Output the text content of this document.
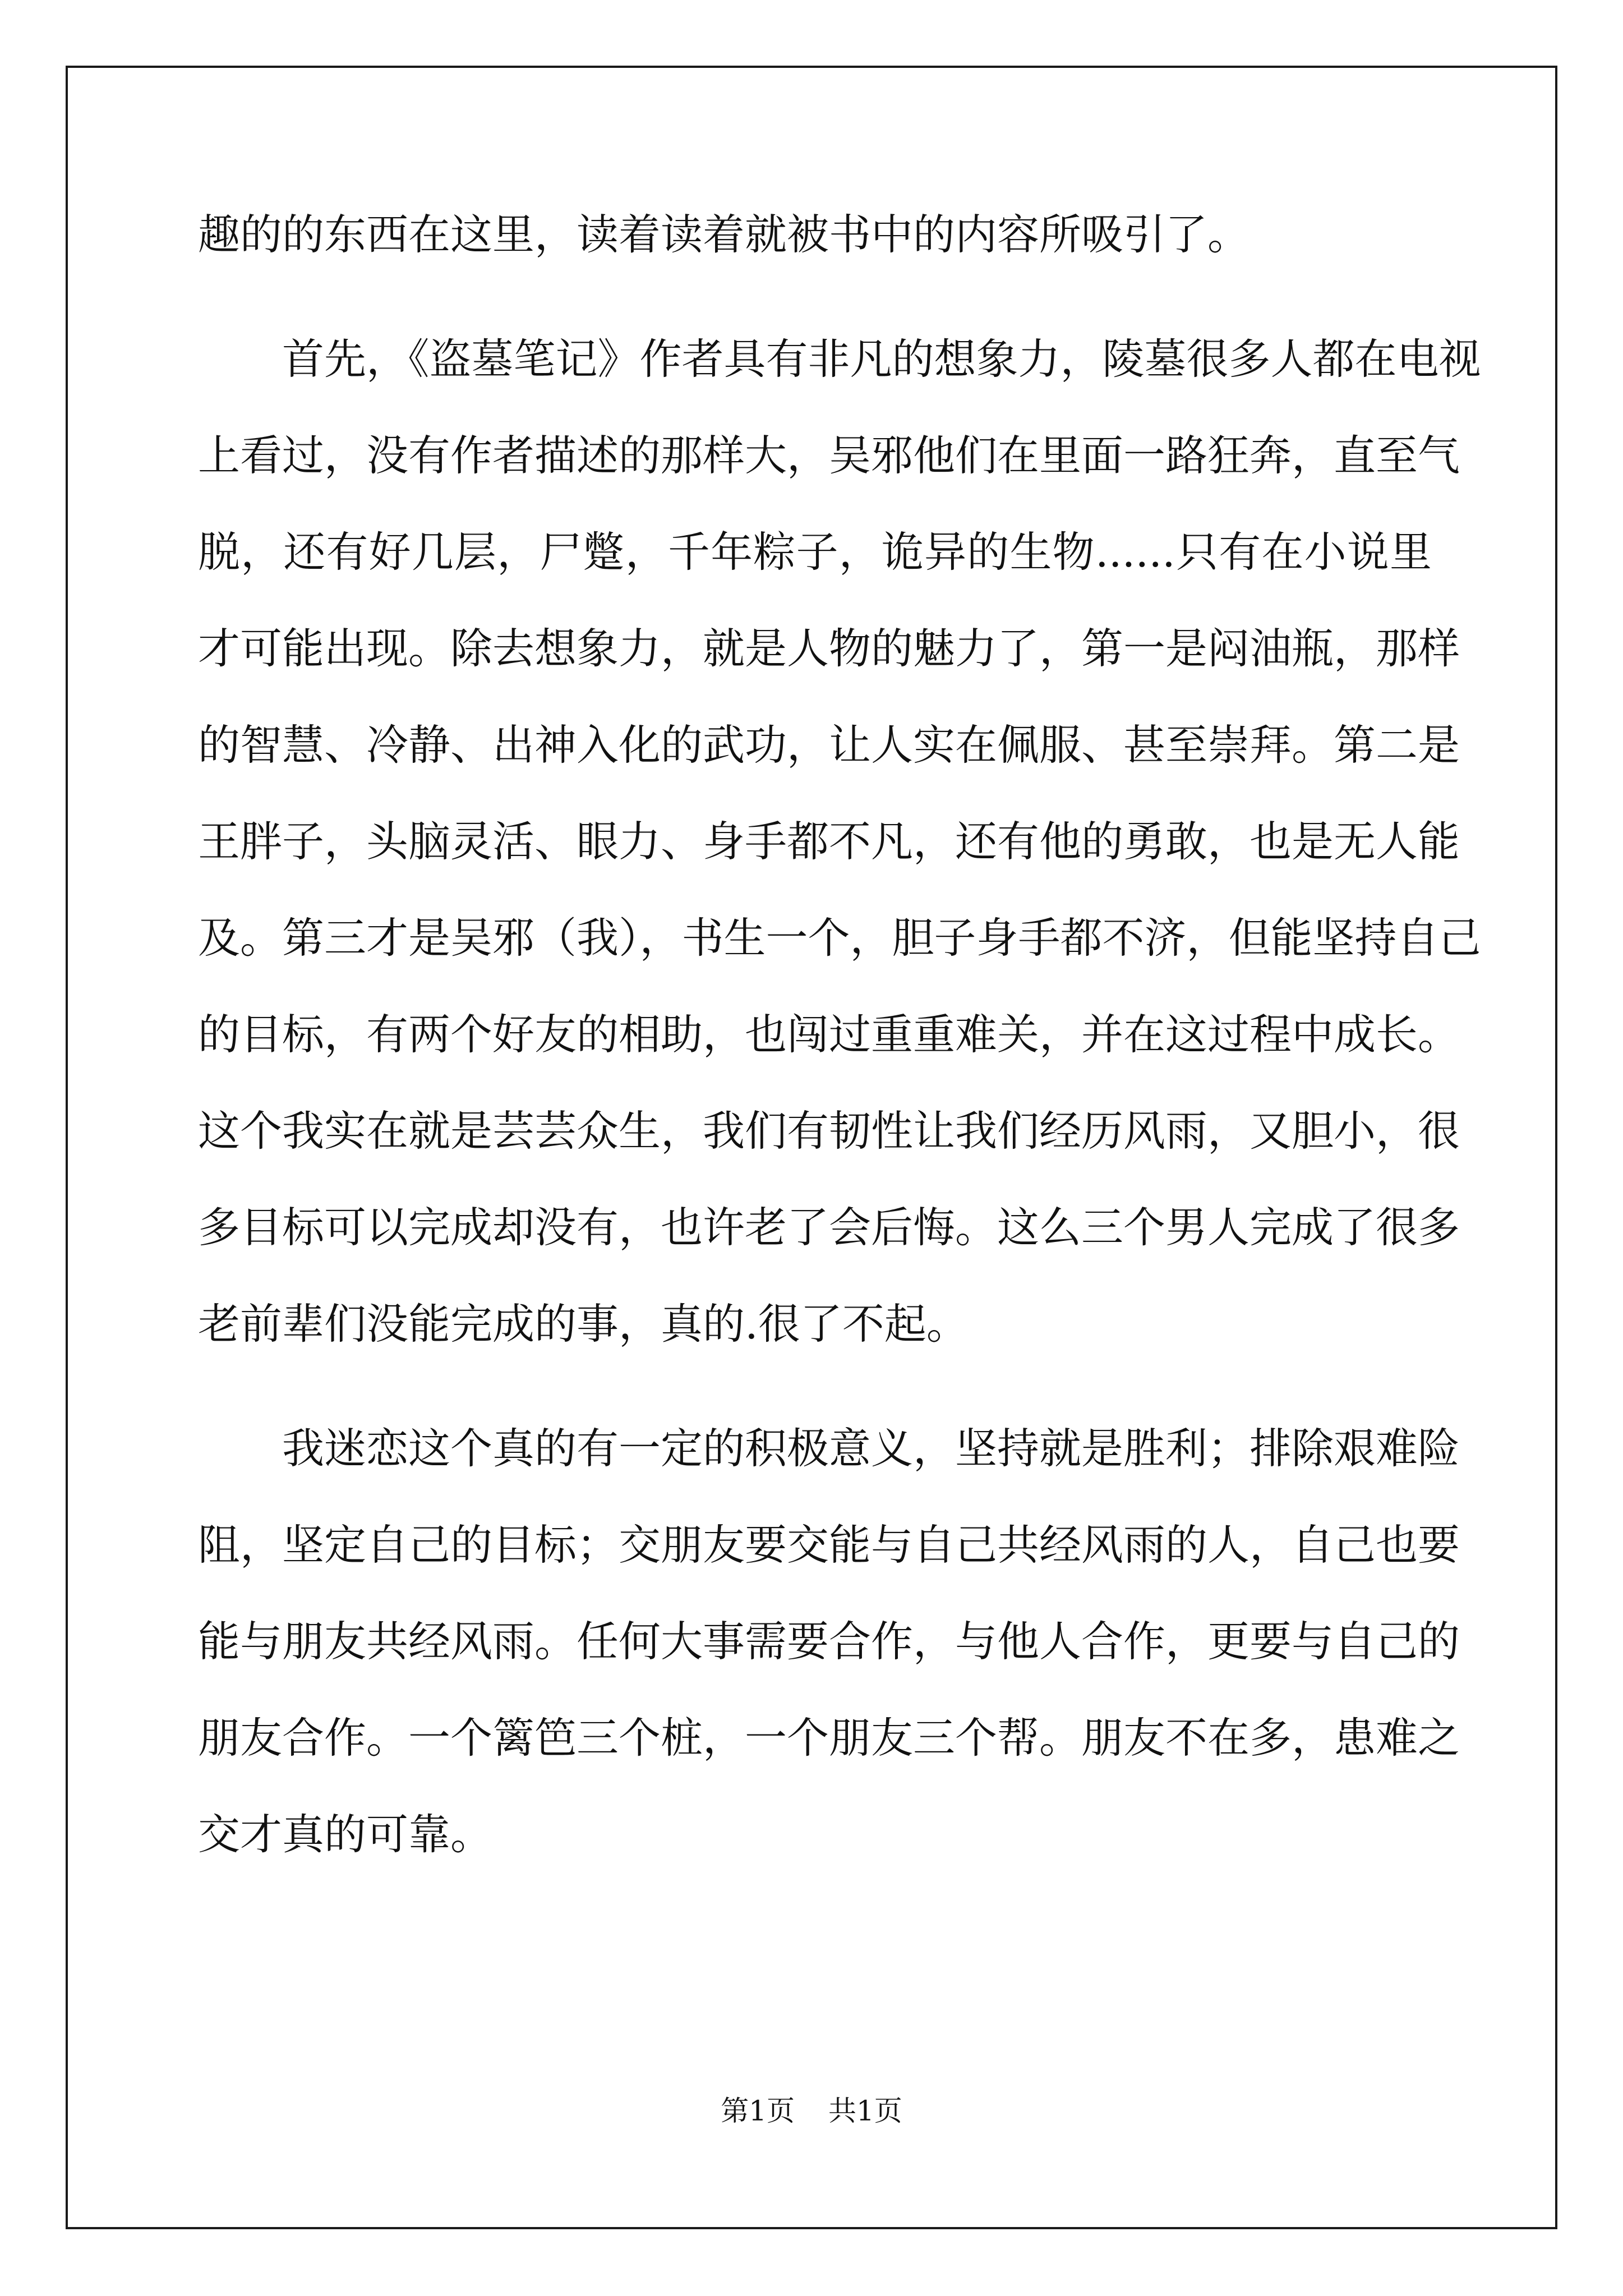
趣的的东西在这里，读着读着就被书中的内容所吸引了。
首先，《盗墓笔记》作者具有非凡的想象力，陵墓很多人都在电视
上看过，没有作者描述的那样大，吴邪他们在里面一路狂奔，直至气
脱，还有好几层，尸蹩，千年粽子，诡异的生物......只有在小说里
才可能出现。除去想象力，就是人物的魅力了，第一是闷油瓶，那样
的智慧、冷静、出神入化的武功，让人实在佩服、甚至崇拜。第二是
王胖子，头脑灵活、眼力、身手都不凡，还有他的勇敢，也是无人能
及。第三才是吴邪（我），书生一个，胆子身手都不济，但能坚持自己
的目标，有两个好友的相助，也闯过重重难关，并在这过程中成长。
这个我实在就是芸芸众生，我们有韧性让我们经历风雨，又胆小，很
多目标可以完成却没有，也许老了会后悔。这么三个男人完成了很多
老前辈们没能完成的事，真的.很了不起。
我迷恋这个真的有一定的积极意义，坚持就是胜利；排除艰难险
阻，坚定自己的目标；交朋友要交能与自己共经风雨的人，自己也要
能与朋友共经风雨。任何大事需要合作，与他人合作，更要与自己的
朋友合作。一个篱笆三个桩，一个朋友三个帮。朋友不在多，患难之
交才真的可靠。
第1页 共1页
